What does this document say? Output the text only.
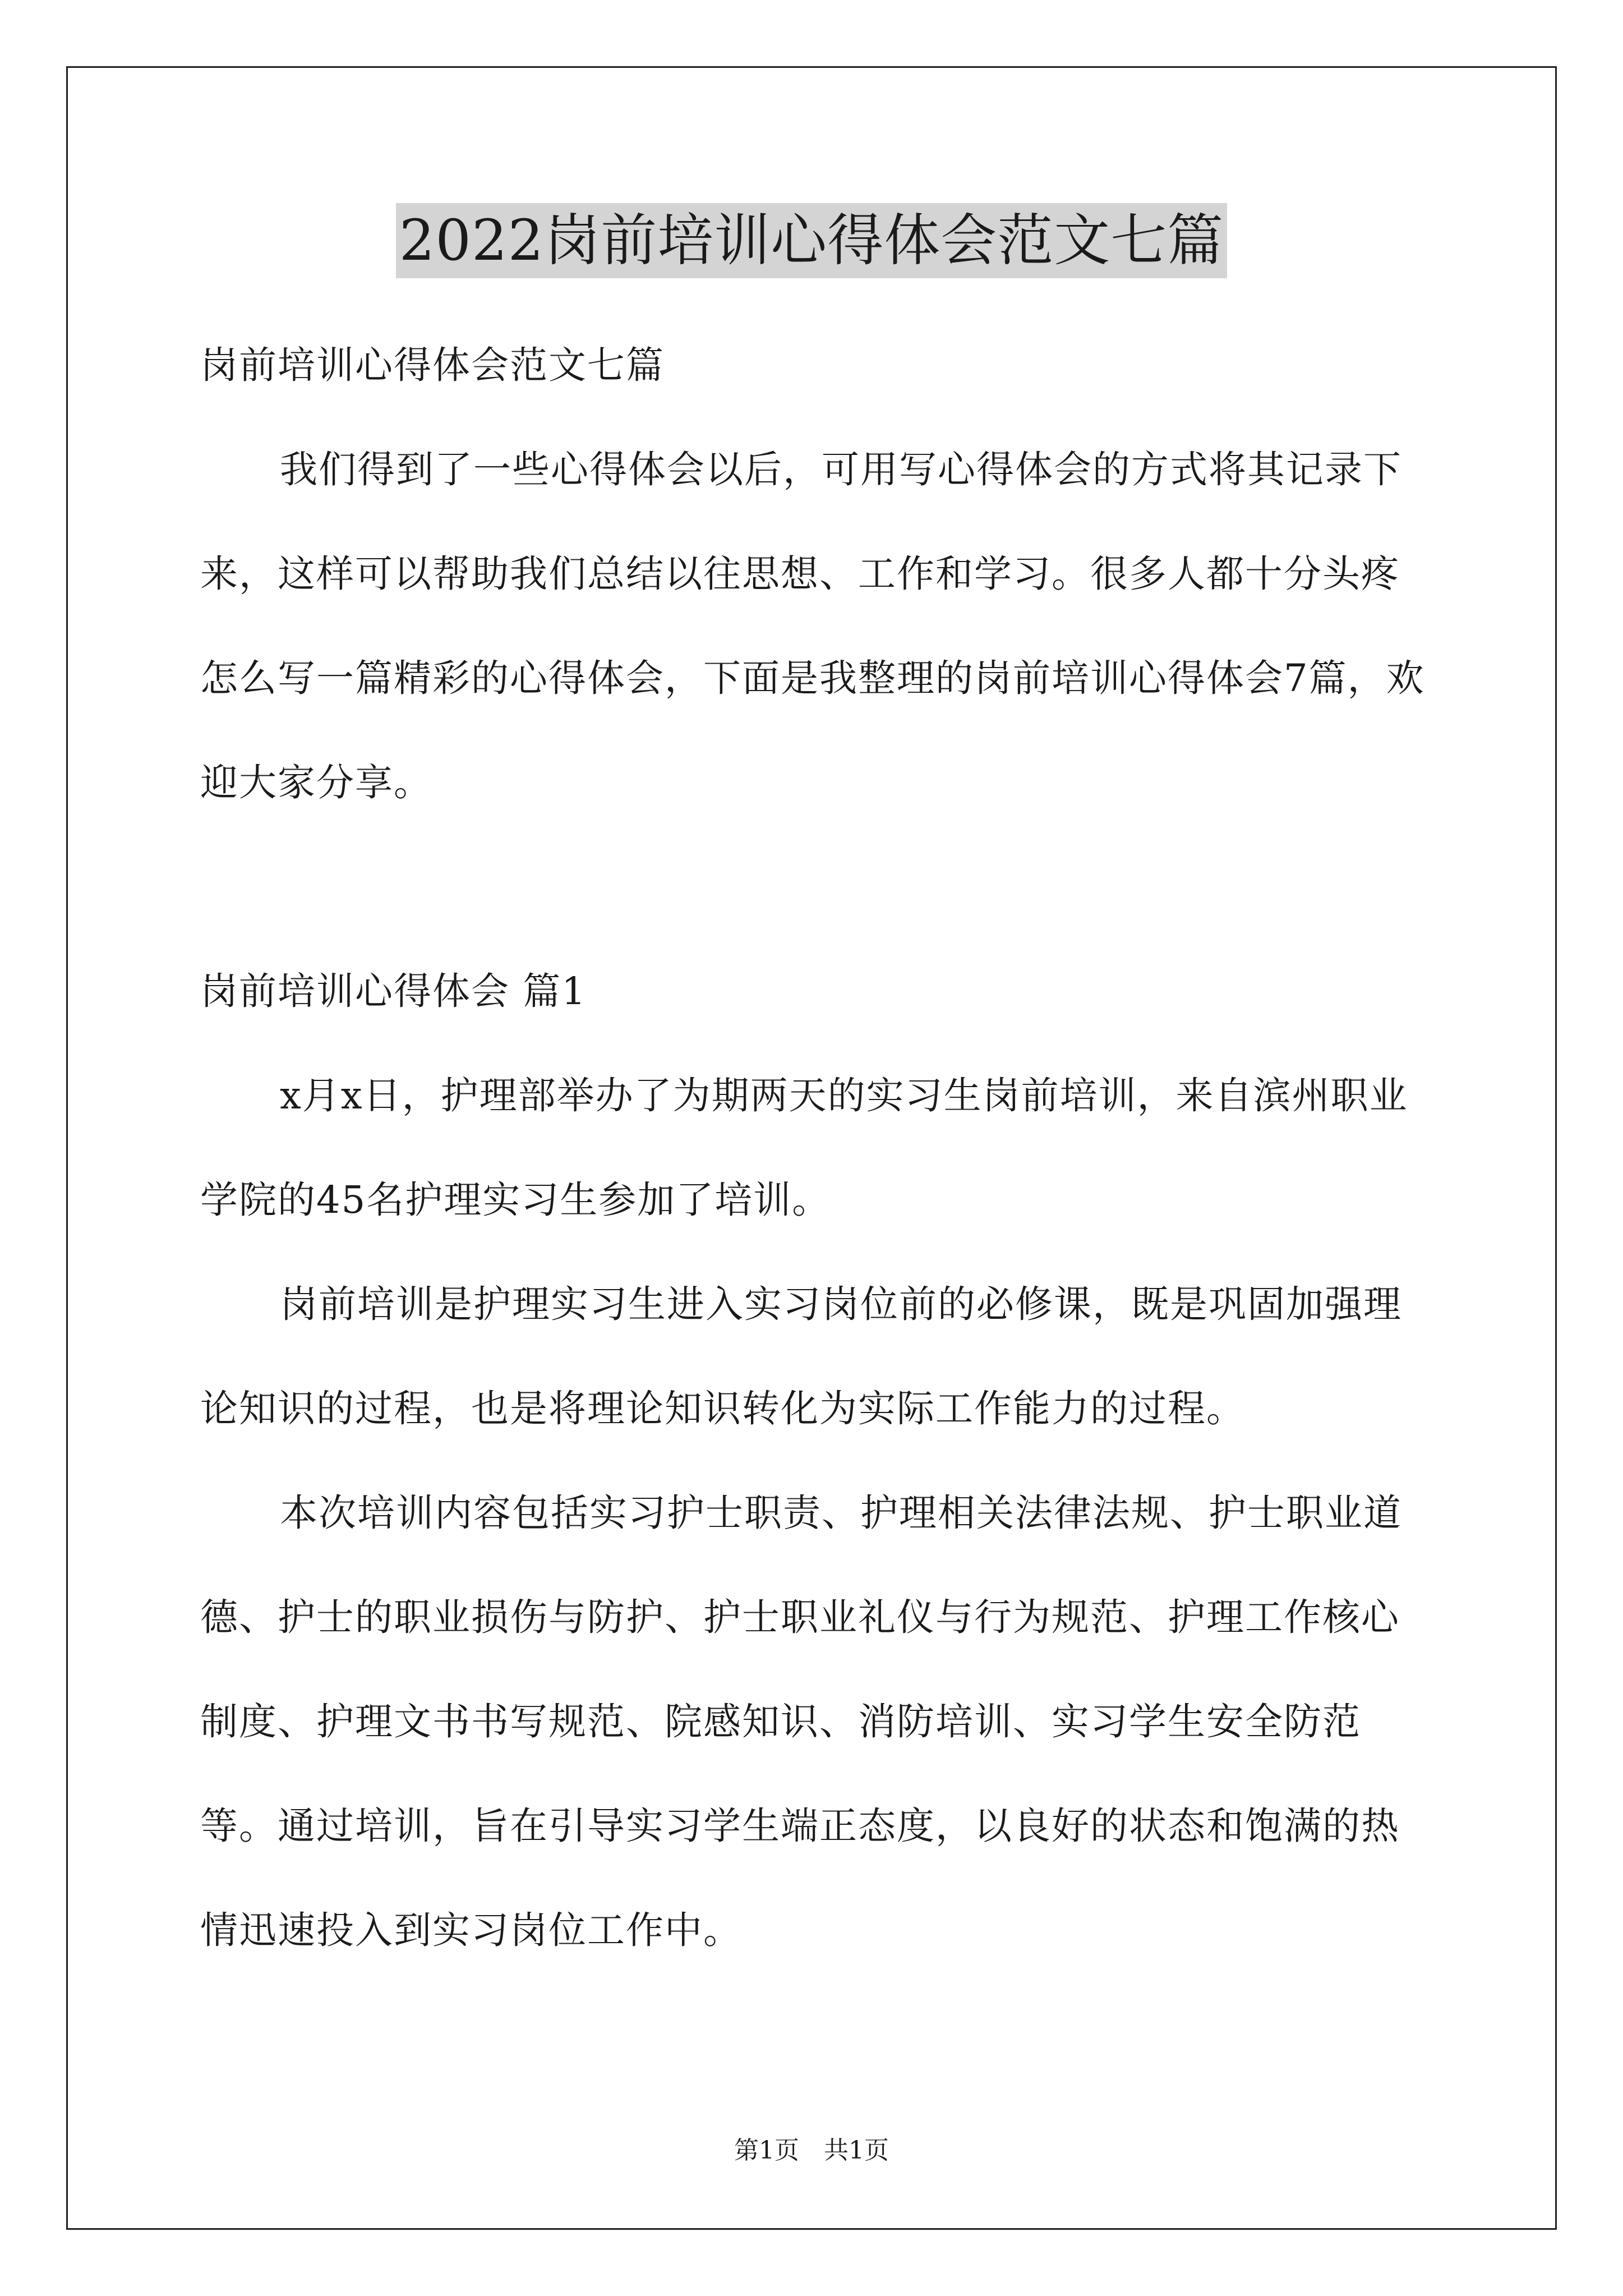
2022岗前培训心得体会范文七篇

岗前培训心得体会范文七篇

我们得到了一些心得体会以后，可用写心得体会的方式将其记录下来，这样可以帮助我们总结以往思想、工作和学习。很多人都十分头疼怎么写一篇精彩的心得体会，下面是我整理的岗前培训心得体会7篇，欢迎大家分享。

岗前培训心得体会 篇1

x月x日，护理部举办了为期两天的实习生岗前培训，来自滨州职业学院的45名护理实习生参加了培训。

岗前培训是护理实习生进入实习岗位前的必修课，既是巩固加强理论知识的过程，也是将理论知识转化为实际工作能力的过程。

本次培训内容包括实习护士职责、护理相关法律法规、护士职业道德、护士的职业损伤与防护、护士职业礼仪与行为规范、护理工作核心制度、护理文书书写规范、院感知识、消防培训、实习学生安全防范等。通过培训，旨在引导实习学生端正态度，以良好的状态和饱满的热情迅速投入到实习岗位工作中。

第1页　共1页
